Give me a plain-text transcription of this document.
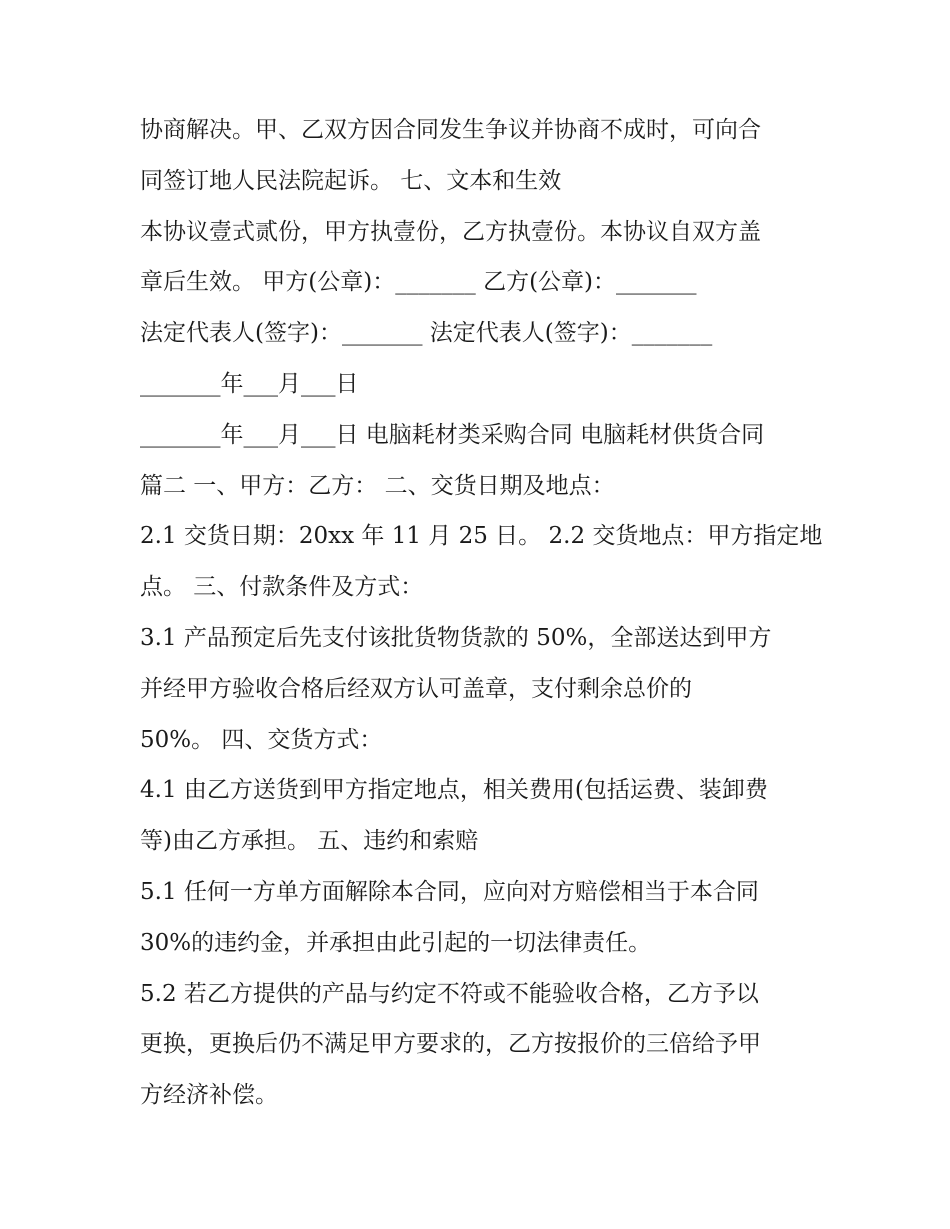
协商解决。甲、乙双方因合同发生争议并协商不成时，可向合
同签订地人民法院起诉。 七、文本和生效
本协议壹式贰份，甲方执壹份，乙方执壹份。本协议自双方盖
章后生效。 甲方(公章)：_______ 乙方(公章)：_______
法定代表人(签字)：_______ 法定代表人(签字)：_______
_______年___月___日
_______年___月___日 电脑耗材类采购合同 电脑耗材供货合同
篇二 一、甲方：乙方： 二、交货日期及地点：
2.1 交货日期：20xx 年 11 月 25 日。 2.2 交货地点：甲方指定地
点。 三、付款条件及方式：
3.1 产品预定后先支付该批货物货款的 50%，全部送达到甲方
并经甲方验收合格后经双方认可盖章，支付剩余总价的
50%。 四、交货方式：
4.1 由乙方送货到甲方指定地点，相关费用(包括运费、装卸费
等)由乙方承担。 五、违约和索赔
5.1 任何一方单方面解除本合同，应向对方赔偿相当于本合同
30%的违约金，并承担由此引起的一切法律责任。
5.2 若乙方提供的产品与约定不符或不能验收合格，乙方予以
更换，更换后仍不满足甲方要求的，乙方按报价的三倍给予甲
方经济补偿。
